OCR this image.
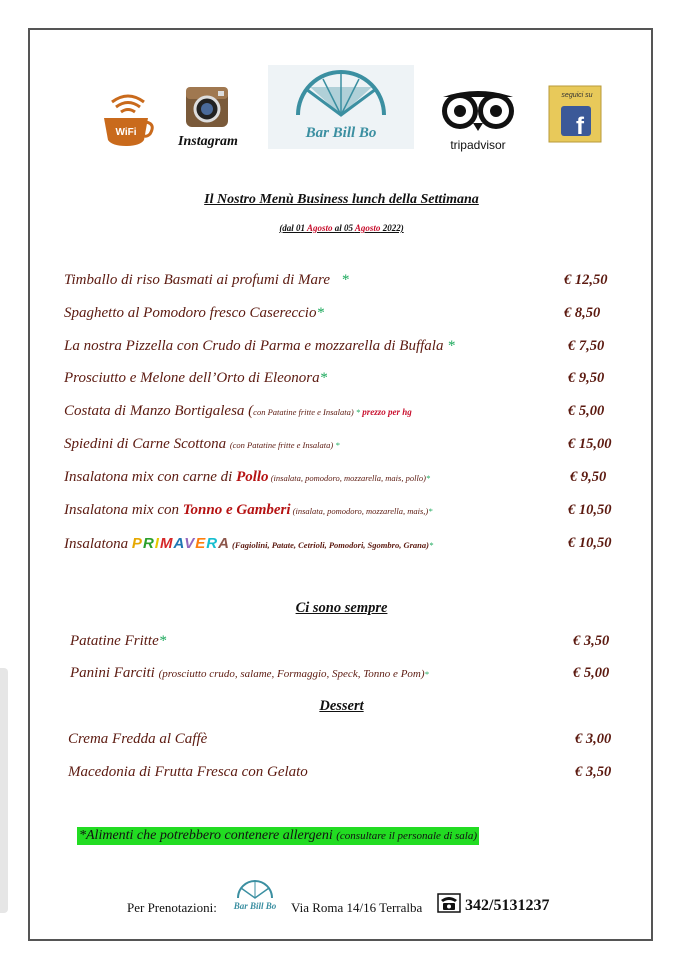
WiFi
Instagram
Bar Bill Bo
tripadvisor
seguici su
f
Il Nostro Menù Business lunch della Settimana
(dal 01 Agosto al 05 Agosto 2022)
Timballo di riso Basmati ai profumi di Mare *	€ 12,50
Spaghetto al Pomodoro fresco Casereccio*	€ 8,50
La nostra Pizzella con Crudo di Parma e mozzarella di Buffala *	€ 7,50
Prosciutto e Melone dell’Orto di Eleonora*	€ 9,50
Costata di Manzo Bortigalesa (con Patatine fritte e Insalata) * prezzo per hg	€ 5,00
Spiedini di Carne Scottona (con Patatine fritte e Insalata) *	€ 15,00
Insalatona mix con carne di Pollo (insalata, pomodoro, mozzarella, mais, pollo)*	€ 9,50
Insalatona mix con Tonno e Gamberi (insalata, pomodoro, mozzarella, mais,)*	€ 10,50
Insalatona PRIMAVERA (Fagiolini, Patate, Cetrioli, Pomodori, Sgombro, Grana)*	€ 10,50
Ci sono sempre
Patatine Fritte*	€ 3,50
Panini Farciti (prosciutto crudo, salame, Formaggio, Speck, Tonno e Pom)*	€ 5,00
Dessert
Crema Fredda al Caffè	€ 3,00
Macedonia di Frutta Fresca con Gelato	€ 3,50
*Alimenti che potrebbero contenere allergeni (consultare il personale di sala)
Per Prenotazioni: Bar Bill Bo Via Roma 14/16 Terralba	342/5131237
